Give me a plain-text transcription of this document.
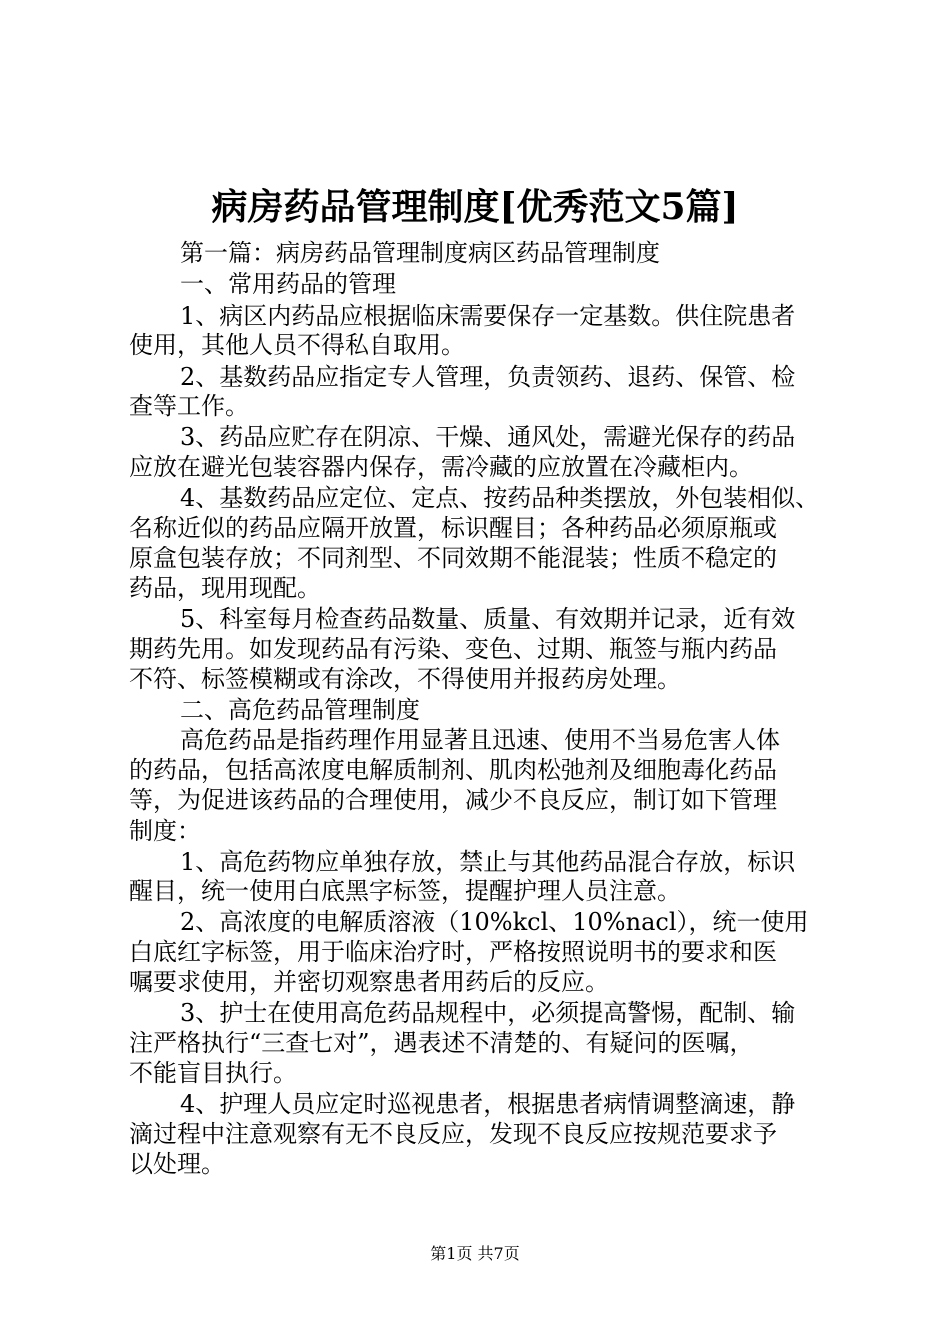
病房药品管理制度[优秀范文5篇]
第一篇：病房药品管理制度病区药品管理制度
一、常用药品的管理
1、病区内药品应根据临床需要保存一定基数。供住院患者
使用，其他人员不得私自取用。
2、基数药品应指定专人管理，负责领药、退药、保管、检
查等工作。
3、药品应贮存在阴凉、干燥、通风处，需避光保存的药品
应放在避光包装容器内保存，需冷藏的应放置在冷藏柜内。
4、基数药品应定位、定点、按药品种类摆放，外包装相似、
名称近似的药品应隔开放置，标识醒目；各种药品必须原瓶或
原盒包装存放；不同剂型、不同效期不能混装；性质不稳定的
药品，现用现配。
5、科室每月检查药品数量、质量、有效期并记录，近有效
期药先用。如发现药品有污染、变色、过期、瓶签与瓶内药品
不符、标签模糊或有涂改，不得使用并报药房处理。
二、高危药品管理制度
高危药品是指药理作用显著且迅速、使用不当易危害人体
的药品，包括高浓度电解质制剂、肌肉松弛剂及细胞毒化药品
等，为促进该药品的合理使用，减少不良反应，制订如下管理
制度：
1、高危药物应单独存放，禁止与其他药品混合存放，标识
醒目，统一使用白底黑字标签，提醒护理人员注意。
2、高浓度的电解质溶液（10%kcl、10%nacl），统一使用
白底红字标签，用于临床治疗时，严格按照说明书的要求和医
嘱要求使用，并密切观察患者用药后的反应。
3、护士在使用高危药品规程中，必须提高警惕，配制、输
注严格执行“三查七对”，遇表述不清楚的、有疑问的医嘱，
不能盲目执行。
4、护理人员应定时巡视患者，根据患者病情调整滴速，静
滴过程中注意观察有无不良反应，发现不良反应按规范要求予
以处理。
第1页 共7页
